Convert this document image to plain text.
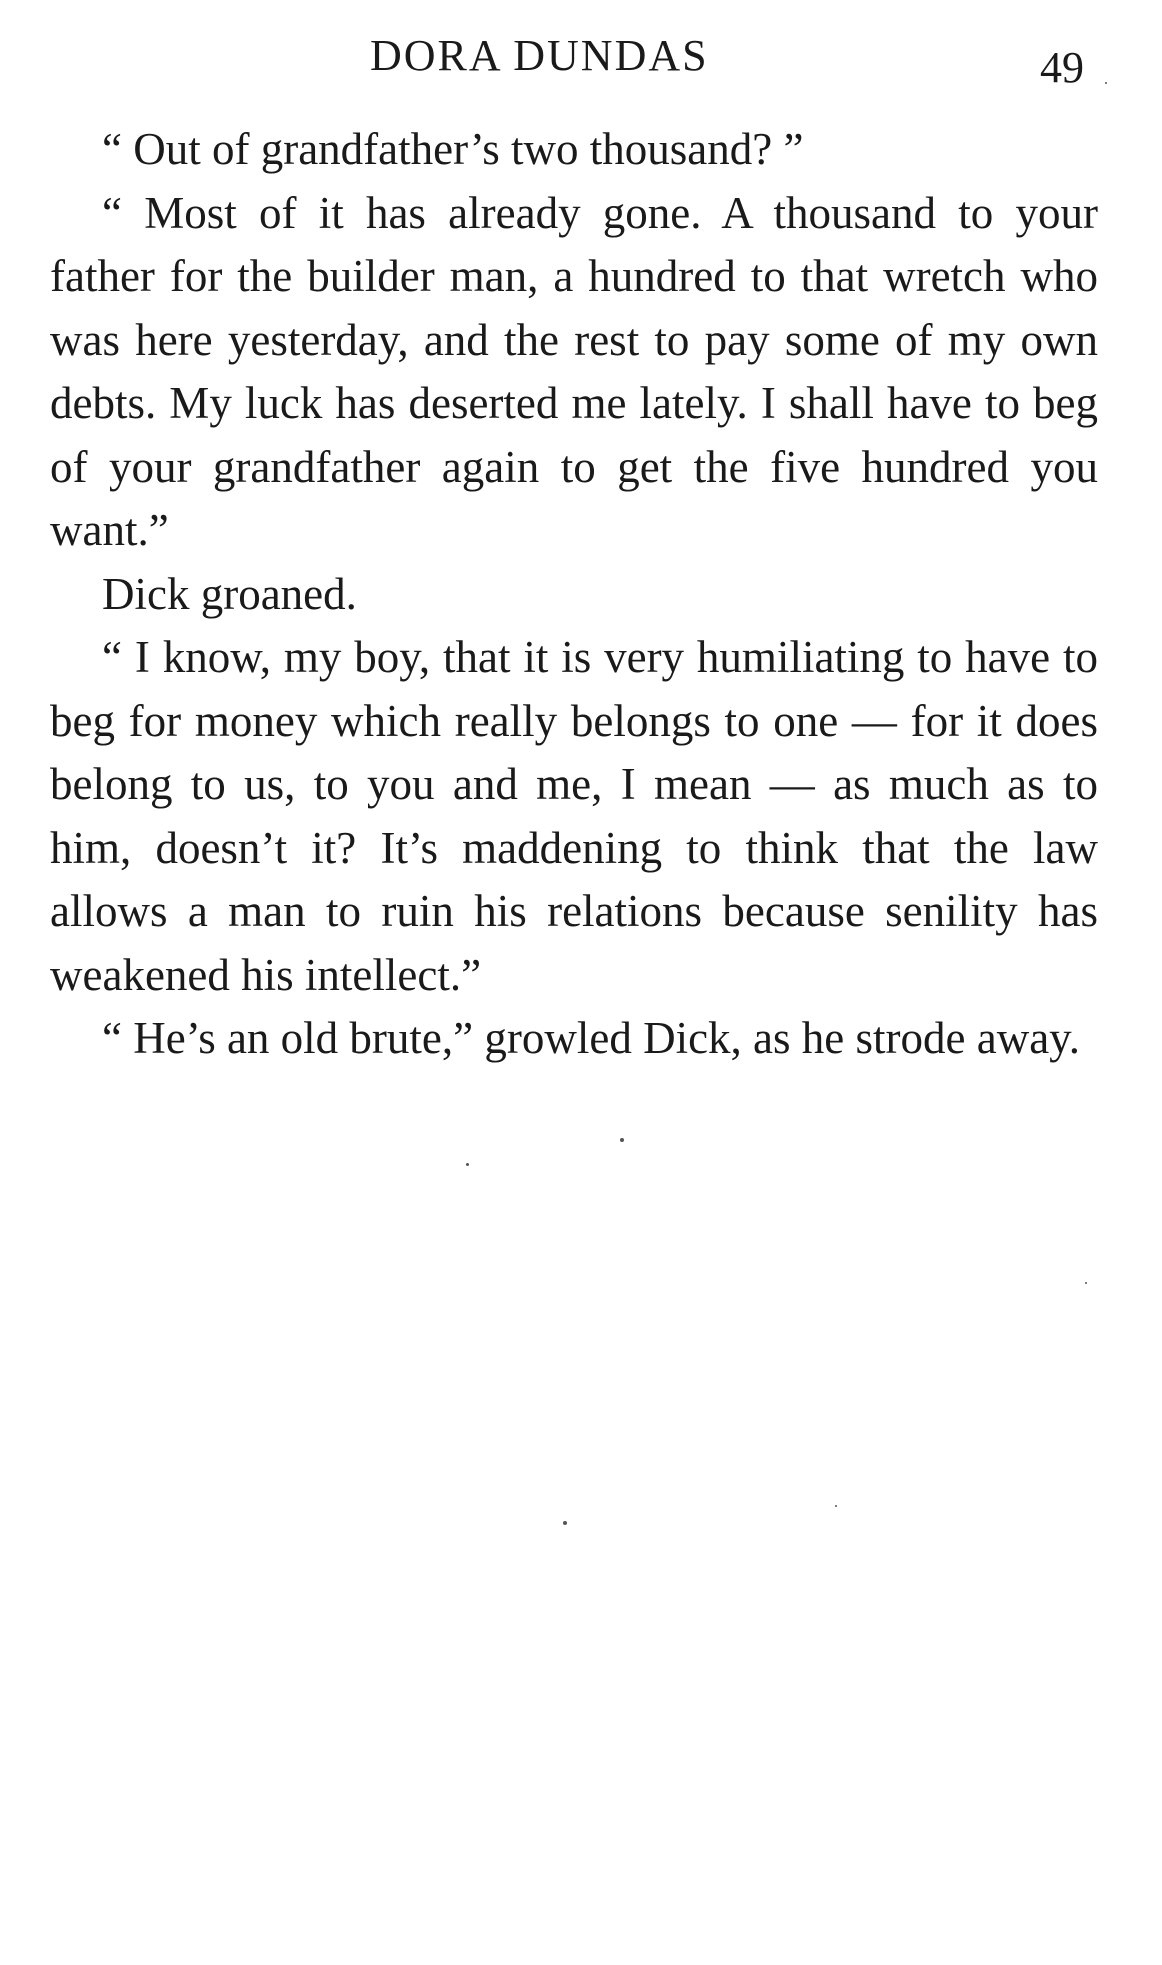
DORA DUNDAS	49

“ Out of grandfather’s two thousand? ”

“ Most of it has already gone. A thousand to your father for the builder man, a hundred to that wretch who was here yesterday, and the rest to pay some of my own debts. My luck has deserted me lately. I shall have to beg of your grandfather again to get the five hundred you want.”

Dick groaned.

“ I know, my boy, that it is very humiliating to have to beg for money which really belongs to one — for it does belong to us, to you and me, I mean — as much as to him, doesn’t it? It’s maddening to think that the law allows a man to ruin his relations because senility has weakened his intellect.”

“ He’s an old brute,” growled Dick, as he strode away.
